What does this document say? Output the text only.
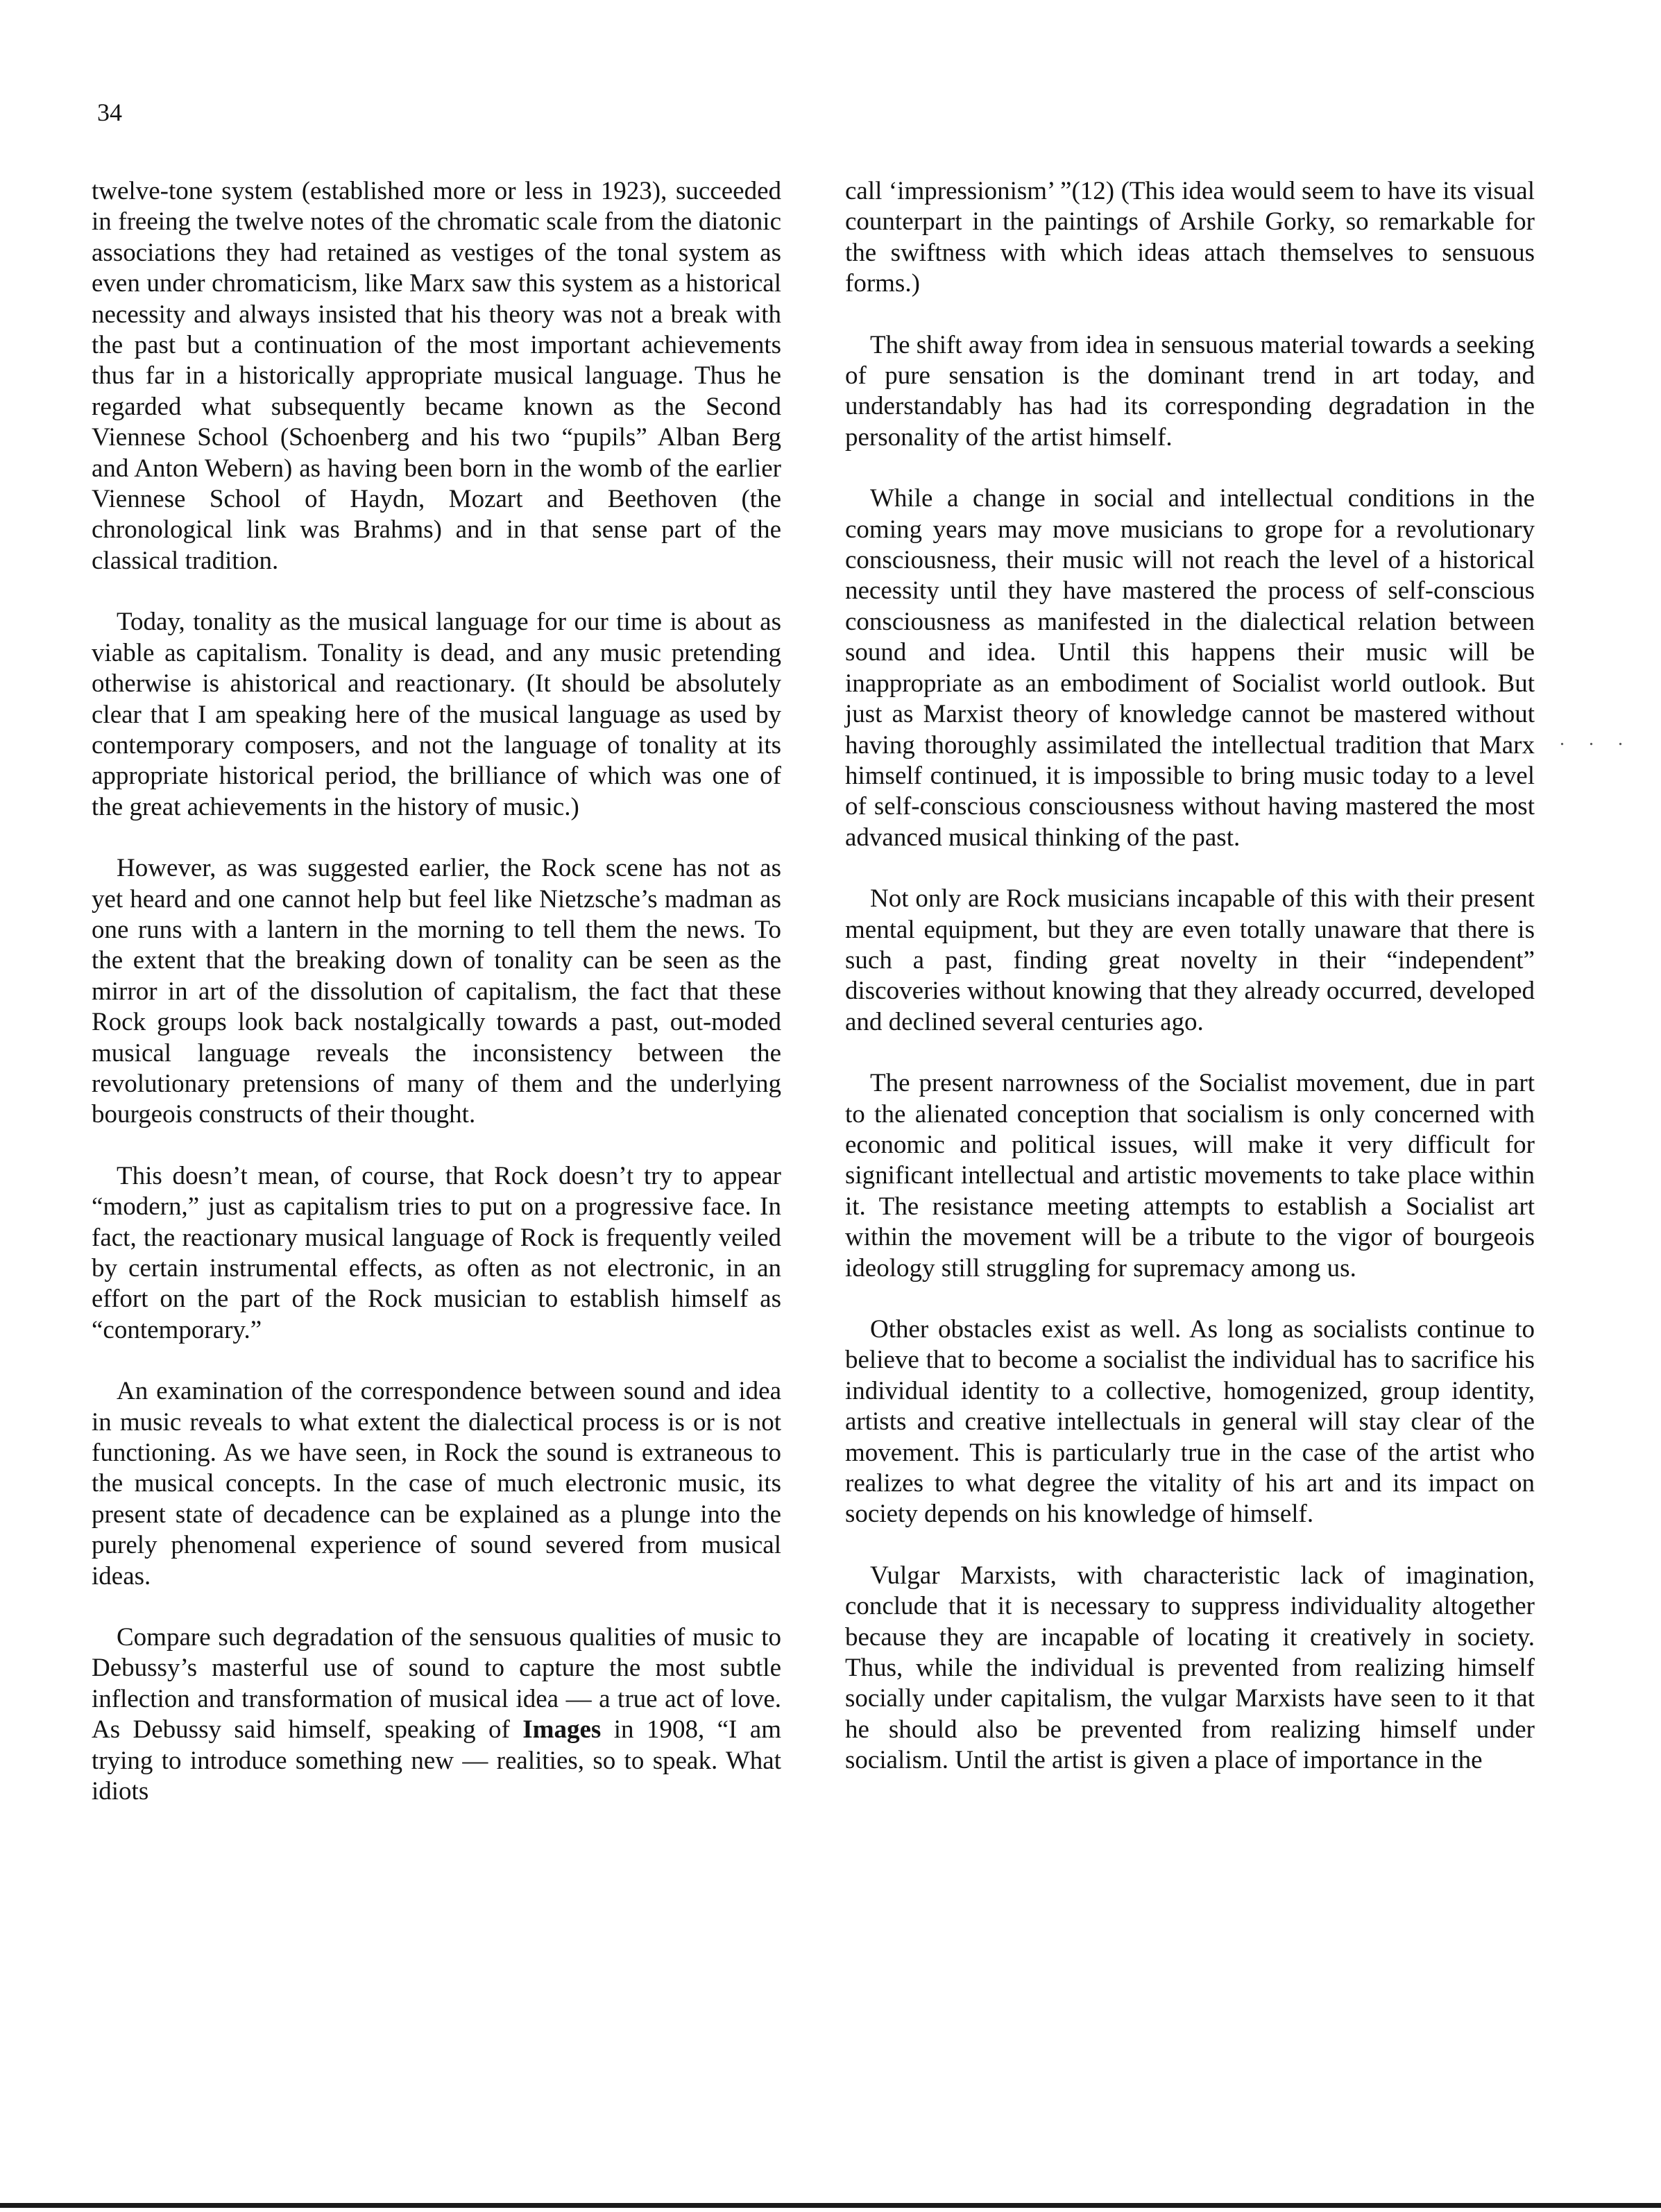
34

twelve-tone system (established more or less in 1923), succeeded in freeing the twelve notes of the chromatic scale from the diatonic associations they had retained as vestiges of the tonal system as even under chromaticism, like Marx saw this system as a historical necessity and always insisted that his theory was not a break with the past but a continuation of the most important achievements thus far in a historically appropriate musical language. Thus he regarded what subsequently became known as the Second Viennese School (Schoenberg and his two “pupils” Alban Berg and Anton Webern) as having been born in the womb of the earlier Viennese School of Haydn, Mozart and Beethoven (the chronological link was Brahms) and in that sense part of the classical tradition.

Today, tonality as the musical language for our time is about as viable as capitalism. Tonality is dead, and any music pretending otherwise is ahistorical and reactionary. (It should be absolutely clear that I am speaking here of the musical language as used by contemporary composers, and not the language of tonality at its appropriate historical period, the brilliance of which was one of the great achievements in the history of music.)

However, as was suggested earlier, the Rock scene has not as yet heard and one cannot help but feel like Nietzsche’s madman as one runs with a lantern in the morning to tell them the news. To the extent that the breaking down of tonality can be seen as the mirror in art of the dissolution of capitalism, the fact that these Rock groups look back nostalgically towards a past, out-moded musical language reveals the inconsistency between the revolutionary pretensions of many of them and the underlying bourgeois constructs of their thought.

This doesn’t mean, of course, that Rock doesn’t try to appear “modern,” just as capitalism tries to put on a progressive face. In fact, the reactionary musical language of Rock is frequently veiled by certain instrumental effects, as often as not electronic, in an effort on the part of the Rock musician to establish himself as “contemporary.”

An examination of the correspondence between sound and idea in music reveals to what extent the dialectical process is or is not functioning. As we have seen, in Rock the sound is extraneous to the musical concepts. In the case of much electronic music, its present state of decadence can be explained as a plunge into the purely phenomenal experience of sound severed from musical ideas.

Compare such degradation of the sensuous qualities of music to Debussy’s masterful use of sound to capture the most subtle inflection and transformation of musical idea — a true act of love. As Debussy said himself, speaking of Images in 1908, “I am trying to introduce something new — realities, so to speak. What idiots

call ‘impressionism’ ”(12) (This idea would seem to have its visual counterpart in the paintings of Arshile Gorky, so remarkable for the swiftness with which ideas attach themselves to sensuous forms.)

The shift away from idea in sensuous material towards a seeking of pure sensation is the dominant trend in art today, and understandably has had its corresponding degradation in the personality of the artist himself.

While a change in social and intellectual conditions in the coming years may move musicians to grope for a revolutionary consciousness, their music will not reach the level of a historical necessity until they have mastered the process of self-conscious consciousness as manifested in the dialectical relation between sound and idea. Until this happens their music will be inappropriate as an embodiment of Socialist world outlook. But just as Marxist theory of knowledge cannot be mastered without having thoroughly assimilated the intellectual tradition that Marx himself continued, it is impossible to bring music today to a level of self-conscious consciousness without having mastered the most advanced musical thinking of the past.

Not only are Rock musicians incapable of this with their present mental equipment, but they are even totally unaware that there is such a past, finding great novelty in their “independent” discoveries without knowing that they already occurred, developed and declined several centuries ago.

The present narrowness of the Socialist movement, due in part to the alienated conception that socialism is only concerned with economic and political issues, will make it very difficult for significant intellectual and artistic movements to take place within it. The resistance meeting attempts to establish a Socialist art within the movement will be a tribute to the vigor of bourgeois ideology still struggling for supremacy among us.

Other obstacles exist as well. As long as socialists continue to believe that to become a socialist the individual has to sacrifice his individual identity to a collective, homogenized, group identity, artists and creative intellectuals in general will stay clear of the movement. This is particularly true in the case of the artist who realizes to what degree the vitality of his art and its impact on society depends on his knowledge of himself.

Vulgar Marxists, with characteristic lack of imagination, conclude that it is necessary to suppress individuality altogether because they are incapable of locating it creatively in society. Thus, while the individual is prevented from realizing himself socially under capitalism, the vulgar Marxists have seen to it that he should also be prevented from realizing himself under socialism. Until the artist is given a place of importance in the

. . .
